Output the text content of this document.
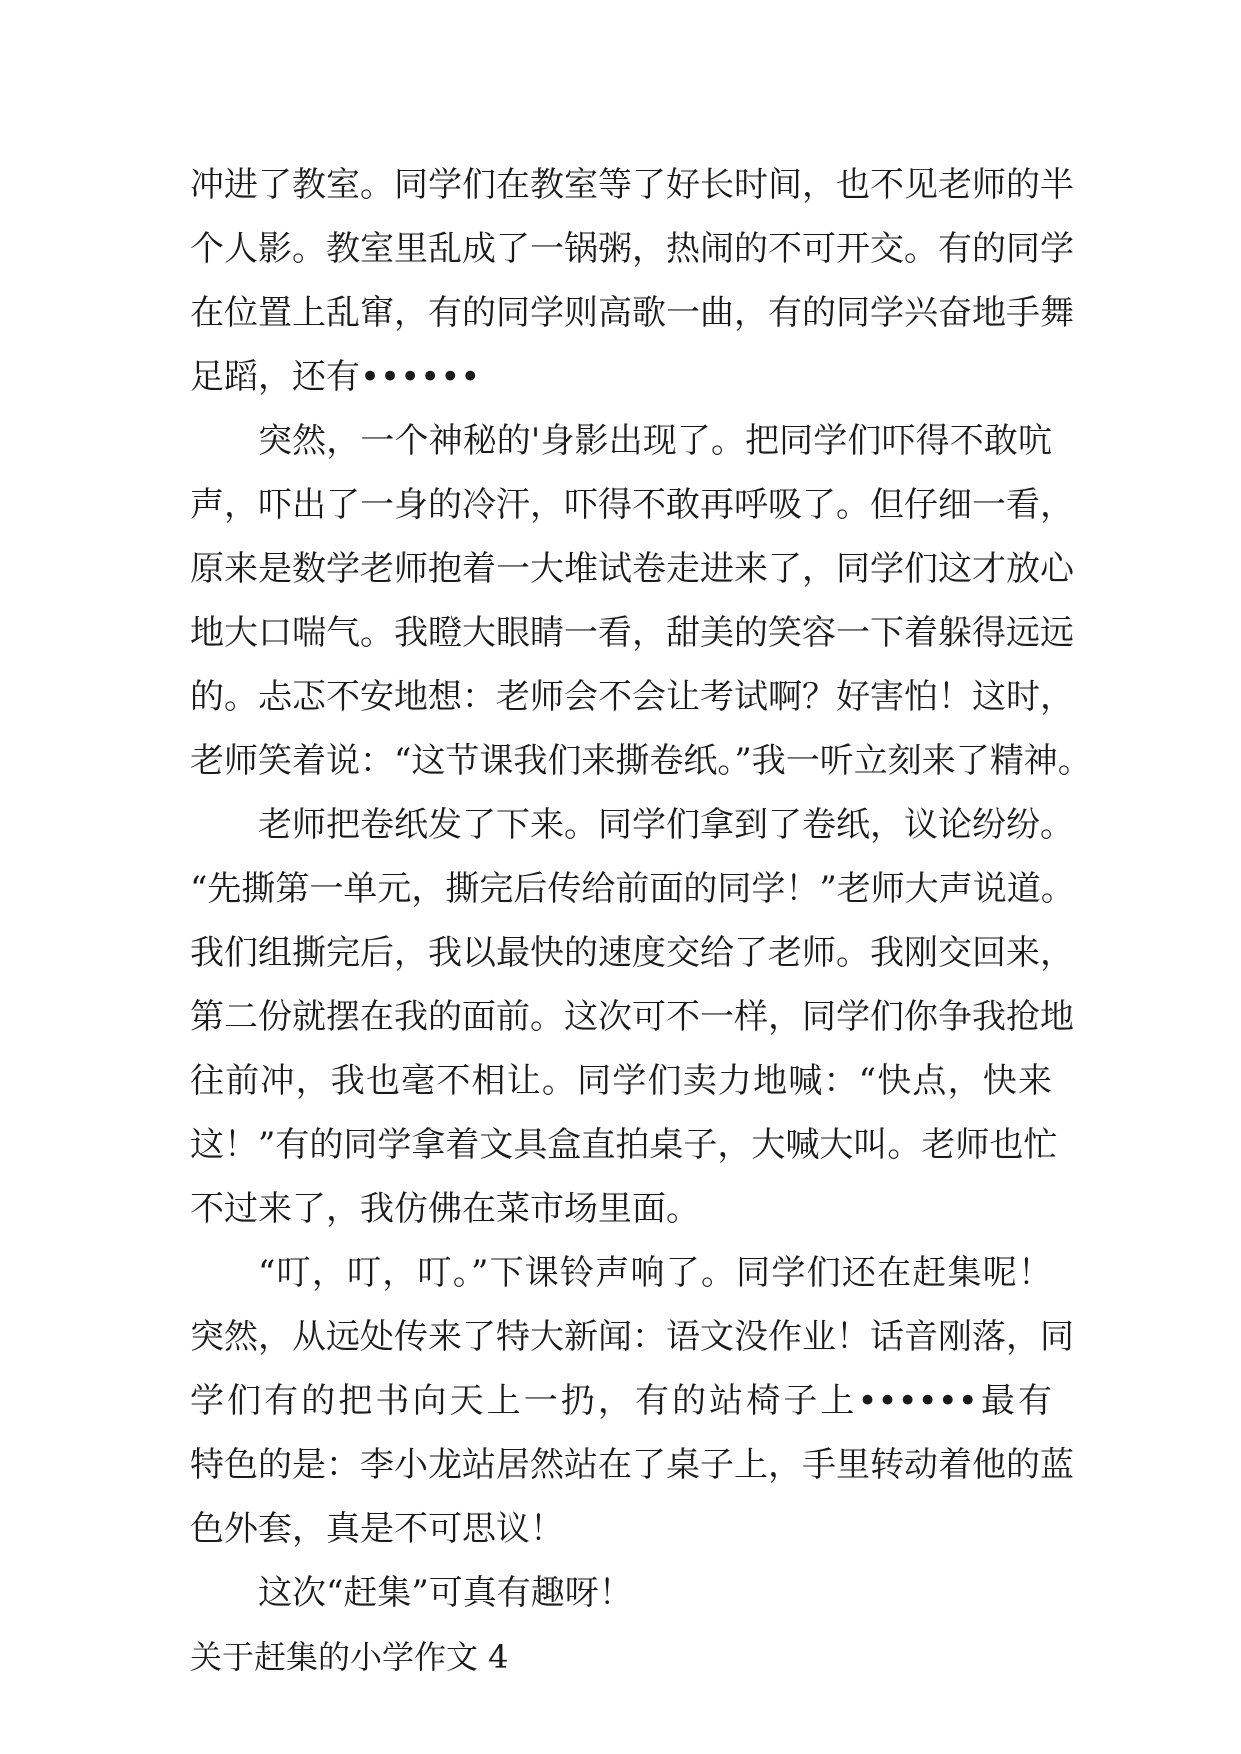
冲进了教室。同学们在教室等了好长时间，也不见老师的半
个人影。教室里乱成了一锅粥，热闹的不可开交。有的同学
在位置上乱窜，有的同学则高歌一曲，有的同学兴奋地手舞
足蹈，还有••••••
突然，一个神秘的'身影出现了。把同学们吓得不敢吭
声，吓出了一身的冷汗，吓得不敢再呼吸了。但仔细一看，
原来是数学老师抱着一大堆试卷走进来了，同学们这才放心
地大口喘气。我瞪大眼睛一看，甜美的笑容一下着躲得远远
的。忐忑不安地想：老师会不会让考试啊？好害怕！这时，
老师笑着说：“这节课我们来撕卷纸。”我一听立刻来了精神。
老师把卷纸发了下来。同学们拿到了卷纸，议论纷纷。
“先撕第一单元，撕完后传给前面的同学！”老师大声说道。
我们组撕完后，我以最快的速度交给了老师。我刚交回来，
第二份就摆在我的面前。这次可不一样，同学们你争我抢地
往前冲，我也毫不相让。同学们卖力地喊：“快点，快来
这！”有的同学拿着文具盒直拍桌子，大喊大叫。老师也忙
不过来了，我仿佛在菜市场里面。
“叮，叮，叮。”下课铃声响了。同学们还在赶集呢！
突然，从远处传来了特大新闻：语文没作业！话音刚落，同
学们有的把书向天上一扔，有的站椅子上••••••最有
特色的是：李小龙站居然站在了桌子上，手里转动着他的蓝
色外套，真是不可思议！
这次“赶集”可真有趣呀！
关于赶集的小学作文 4
